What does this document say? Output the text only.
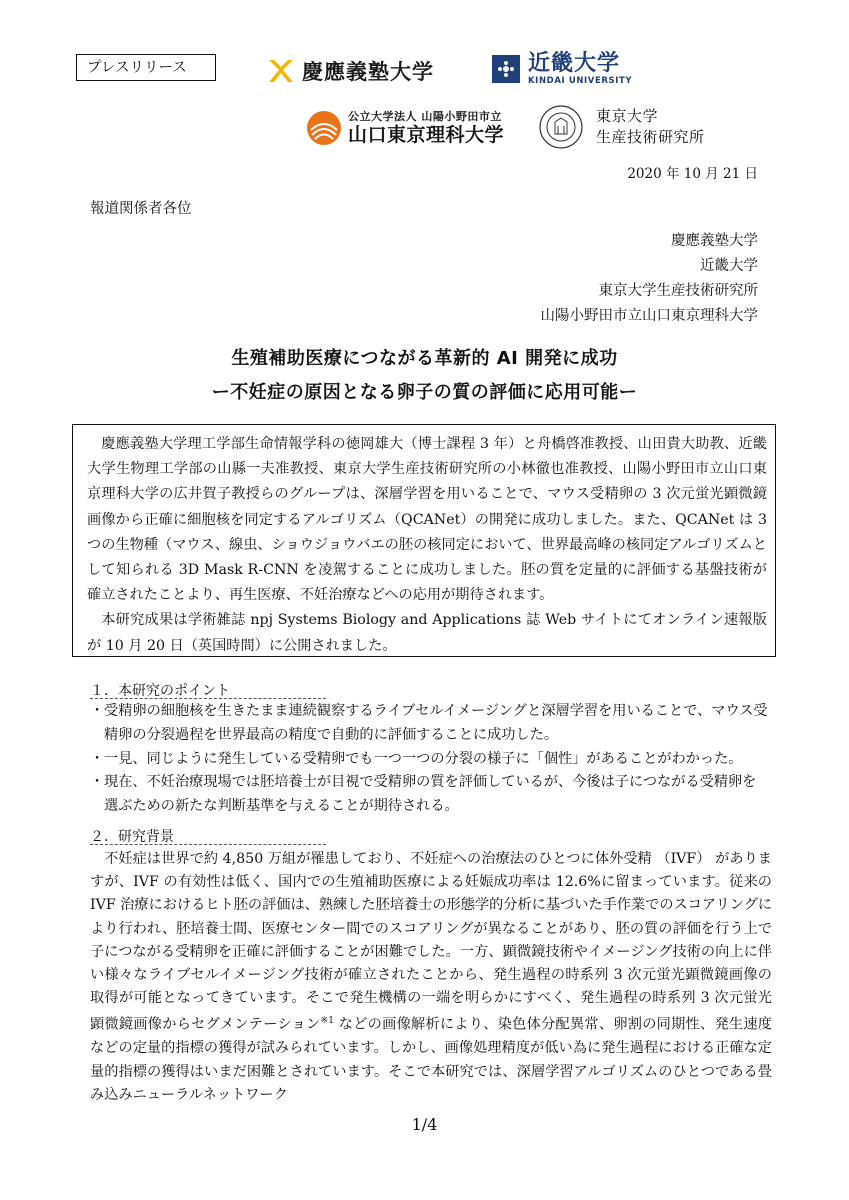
プレスリリース	慶應義塾大学	近畿大学
KINDAI UNIVERSITY
公立大学法人 山陽小野田市立
山口東京理科大学
東京大学
生産技術研究所
2020 年 10 月 21 日
報道関係者各位
慶應義塾大学
近畿大学
東京大学生産技術研究所
山陽小野田市立山口東京理科大学
生殖補助医療につながる革新的 AI 開発に成功
ー不妊症の原因となる卵子の質の評価に応用可能ー

慶應義塾大学理工学部生命情報学科の徳岡雄大（博士課程 3 年）と舟橋啓准教授、山田貴大助教、近畿大学生物理工学部の山縣一夫准教授、東京大学生産技術研究所の小林徹也准教授、山陽小野田市立山口東京理科大学の広井賀子教授らのグループは、深層学習を用いることで、マウス受精卵の 3 次元蛍光顕微鏡画像から正確に細胞核を同定するアルゴリズム（QCANet）の開発に成功しました。また、QCANet は 3 つの生物種（マウス、線虫、ショウジョウバエの胚の核同定において、世界最高峰の核同定アルゴリズムとして知られる 3D Mask R-CNN を凌駕することに成功しました。胚の質を定量的に評価する基盤技術が確立されたことより、再生医療、不妊治療などへの応用が期待されます。

本研究成果は学術雑誌 npj Systems Biology and Applications 誌 Web サイトにてオンライン速報版が 10 月 20 日（英国時間）に公開されました。

１．本研究のポイント
・ 受精卵の細胞核を生きたまま連続観察するライブセルイメージングと深層学習を用いることで、マウス受精卵の分裂過程を世界最高の精度で自動的に評価することに成功した。
・ 一見、同じように発生している受精卵でも一つ一つの分裂の様子に「個性」があることがわかった。
・ 現在、不妊治療現場では胚培養士が目視で受精卵の質を評価しているが、今後は子につながる受精卵を選ぶための新たな判断基準を与えることが期待される。
２．研究背景

不妊症は世界で約 4,850 万組が罹患しており、不妊症への治療法のひとつに体外受精 （IVF） がありますが、IVF の有効性は低く、国内での生殖補助医療による妊娠成功率は 12.6%に留まっています。従来の IVF 治療におけるヒト胚の評価は、熟練した胚培養士の形態学的分析に基づいた手作業でのスコアリングにより行われ、胚培養士間、医療センター間でのスコアリングが異なることがあり、胚の質の評価を行う上で子につながる受精卵を正確に評価することが困難でした。一方、顕微鏡技術やイメージング技術の向上に伴い様々なライブセルイメージング技術が確立されたことから、発生過程の時系列 3 次元蛍光顕微鏡画像の取得が可能となってきています。そこで発生機構の一端を明らかにすべく、発生過程の時系列 3 次元蛍光顕微鏡画像からセグメンテーション$^{※1}$ などの画像解析により、染色体分配異常、卵割の同期性、発生速度などの定量的指標の獲得が試みられています。しかし、画像処理精度が低い為に発生過程における正確な定量的指標の獲得はいまだ困難とされています。そこで本研究では、深層学習アルゴリズムのひとつである畳み込みニューラルネットワーク

1/4
